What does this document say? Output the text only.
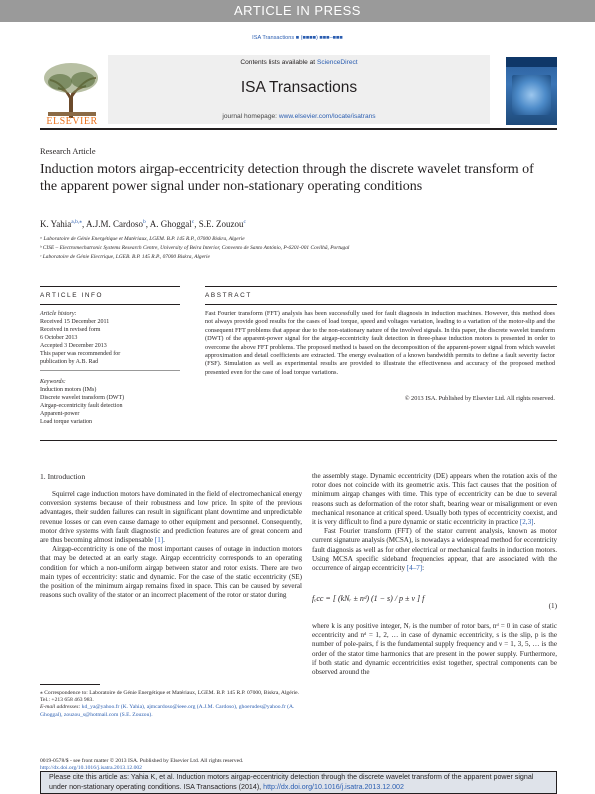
ARTICLE IN PRESS
ISA Transactions ■ (■■■■) ■■■–■■■
ELSEVIER
Contents lists available at ScienceDirect
ISA Transactions
journal homepage: www.elsevier.com/locate/isatrans
Research Article
Induction motors airgap-eccentricity detection through the discrete wavelet transform of the apparent power signal under non-stationary operating conditions
K. Yahia$^{a,b,⁎}$, A.J.M. Cardoso$^b$, A. Ghoggal$^c$, S.E. Zouzou$^c$
ᵃ Laboratoire de Génie Energétique et Matériaux, LGEM. B.P. 145 R.P., 07000 Biskra, Algerie
ᵇ CISE – Electromechatronic Systems Research Centre, University of Beira Interior, Convento de Santo António, P-6201-001 Covilhã, Portugal
ᶜ Laboratoire de Génie Electrique, LGEB. B.P. 145 R.P., 07000 Biskra, Algerie
ARTICLE INFO	ABSTRACT
Article history:
Received 15 December 2011
Received in revised form
6 October 2013
Accepted 3 December 2013
This paper was recommended for
publication by A.B. Rad
Keywords:
Induction motors (IMs)
Discrete wavelet transform (DWT)
Airgap-eccentricity fault detection
Apparent-power
Load torque variation
Fast Fourier transform (FFT) analysis has been successfully used for fault diagnosis in induction machines. However, this method does not always provide good results for the cases of load torque, speed and voltages variation, leading to a variation of the motor-slip and the consequent FFT problems that appear due to the non-stationary nature of the involved signals. In this paper, the discrete wavelet transform (DWT) of the apparent-power signal for the airgap-eccentricity fault detection in three-phase induction motors is presented in order to overcome the above FFT problems. The proposed method is based on the decomposition of the apparent-power signal from which wavelet approximation and detail coefficients are extracted. The energy evaluation of a known bandwidth permits to define a fault severity factor (FSF). Simulation as well as experimental results are provided to illustrate the effectiveness and accuracy of the proposed method presented even for the case of load torque variations.
© 2013 ISA. Published by Elsevier Ltd. All rights reserved.
1. Introduction

Squirrel cage induction motors have dominated in the field of electromechanical energy conversion systems because of their robustness and low price. In spite of the previous advantages, their sudden failures can result in significant plant downtime and unpredictable revenue losses or can even cause damage to other equipment and personnel. Consequently, motor drive systems with fault diagnostic and prediction features are of great concern and are thus becoming almost indispensable [1].

Airgap-eccentricity is one of the most important causes of outage in induction motors that may be detected at an early stage. Airgap eccentricity corresponds to an operating condition for which a non-uniform airgap between stator and rotor exists. There are two main types of eccentricity: static and dynamic. For the case of the static eccentricity (SE) the position of the minimum airgap remains fixed in space. This can be caused by several reasons such ovality of the stator or an incorrect placement of the rotor or stator during

the assembly stage. Dynamic eccentricity (DE) appears when the rotation axis of the rotor does not coincide with its geometric axis. This fact causes that the position of minimum airgap changes with time. This type of eccentricity can be due to several reasons such as deformation of the rotor shaft, bearing wear or misalignment or even mechanical resonance at critical speed. Usually both types of eccentricity coexist, and it is very difficult to find a pure dynamic or static eccentricity in practice [2,3].

Fast Fourier transform (FFT) of the stator current analysis, known as motor current signature analysis (MCSA), is nowadays a widespread method for eccentricity fault diagnosis as well as for other electrical or mechanical faults in induction motors. Using MCSA specific sideband frequencies appear, that are associated with the occurrence of airgap eccentricity [4–7]:

fₑcc = [ (kNᵣ ± nᵈ) (1 − s) / p ± ν ] f
(1)
where k is any positive integer, Nᵣ is the number of rotor bars, nᵈ = 0 in case of static eccentricity and nᵈ = 1, 2, … in case of dynamic eccentricity, s is the slip, p is the number of pole-pairs, f is the fundamental supply frequency and ν = 1, 3, 5, … is the order of the stator time harmonics that are present in the power supply. Furthermore, if both static and dynamic eccentricities exist together, spectral components can be observed around the
⁎ Correspondence to: Laboratoire de Génie Energétique et Matériaux, LGEM. B.P. 145 R.P. 07000, Biskra, Algérie. Tel.: +213 658 463 983.
E-mail addresses: kd_ya@yahoo.fr (K. Yahia), ajmcardoso@ieee.org (A.J.M. Cardoso), ghoerudes@yahoo.fr (A. Ghoggal), zouzou_s@hotmail.com (S.E. Zouzou).
0019-0578/$ - see front matter © 2013 ISA. Published by Elsevier Ltd. All rights reserved.
http://dx.doi.org/10.1016/j.isatra.2013.12.002
Please cite this article as: Yahia K, et al. Induction motors airgap-eccentricity detection through the discrete wavelet transform of the apparent power signal under non-stationary operating conditions. ISA Transactions (2014), http://dx.doi.org/10.1016/j.isatra.2013.12.002
